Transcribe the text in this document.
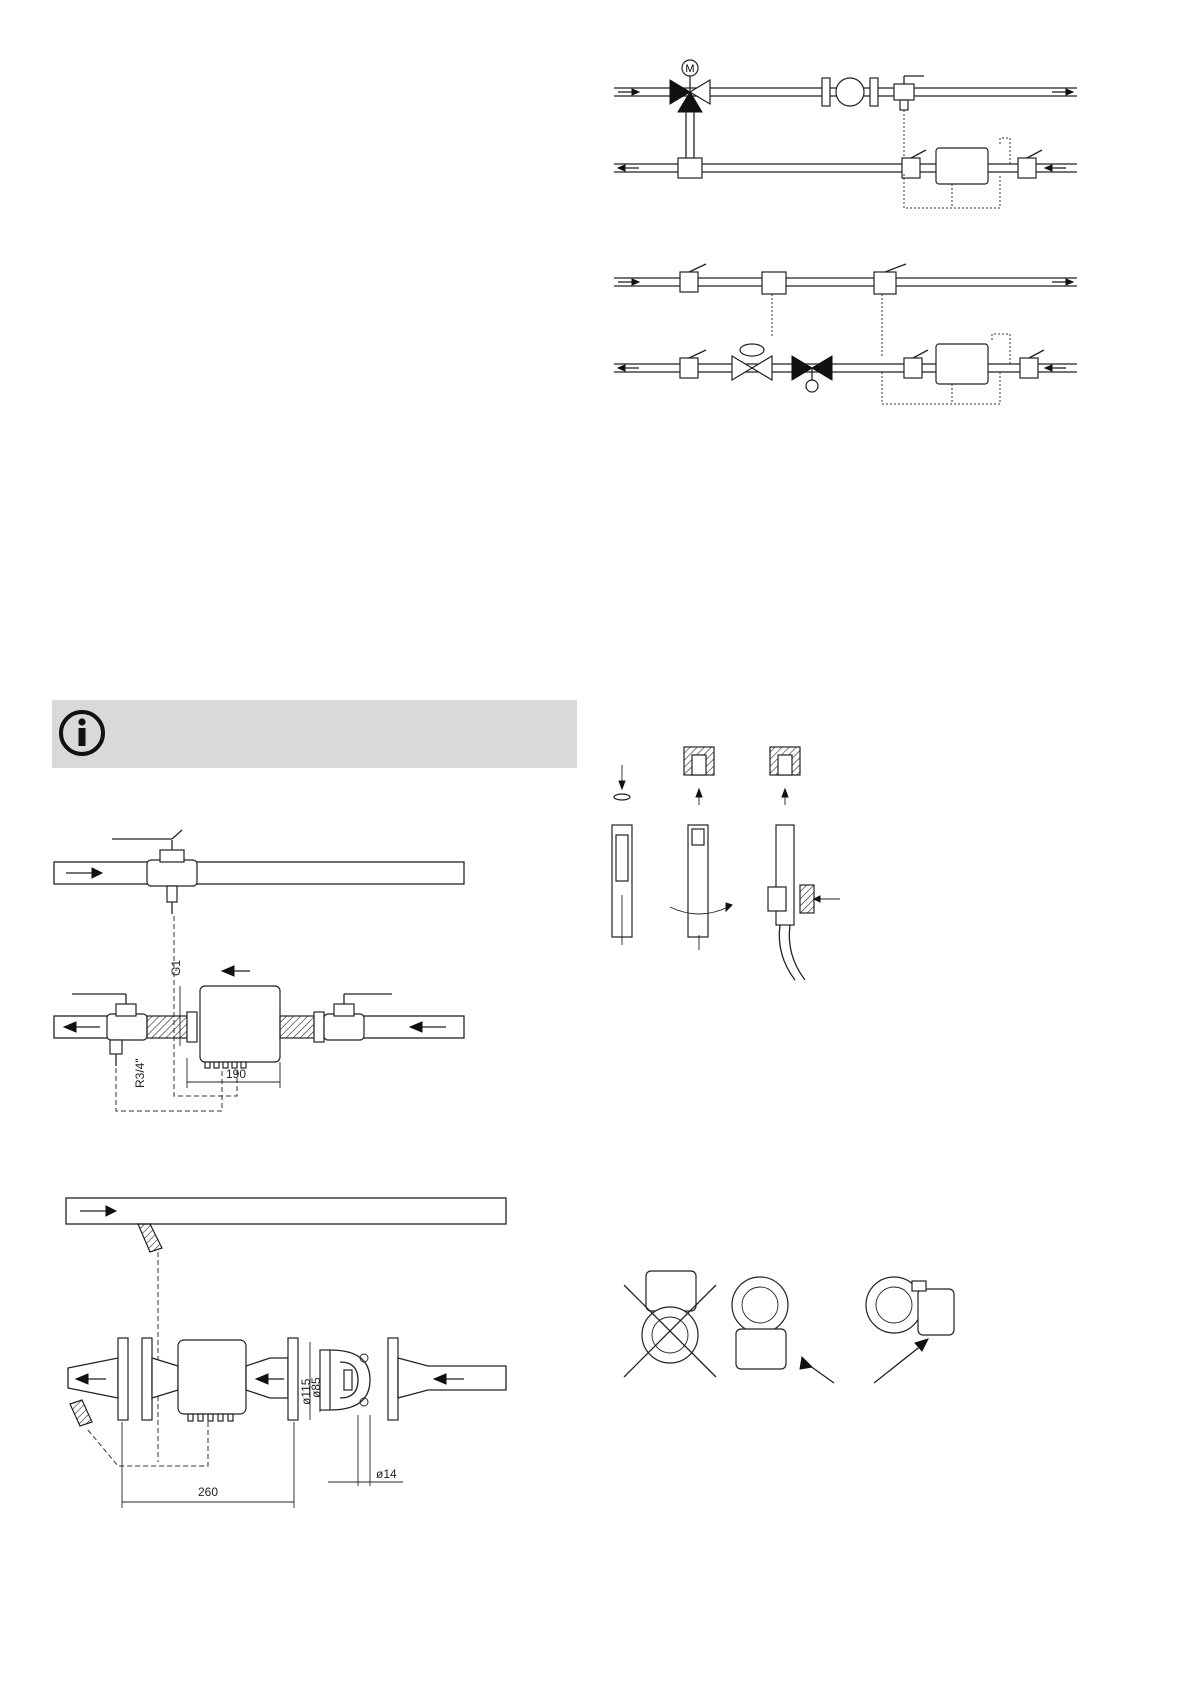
G1
R3/4"	190
ø115
ø85
ø14
260
M
